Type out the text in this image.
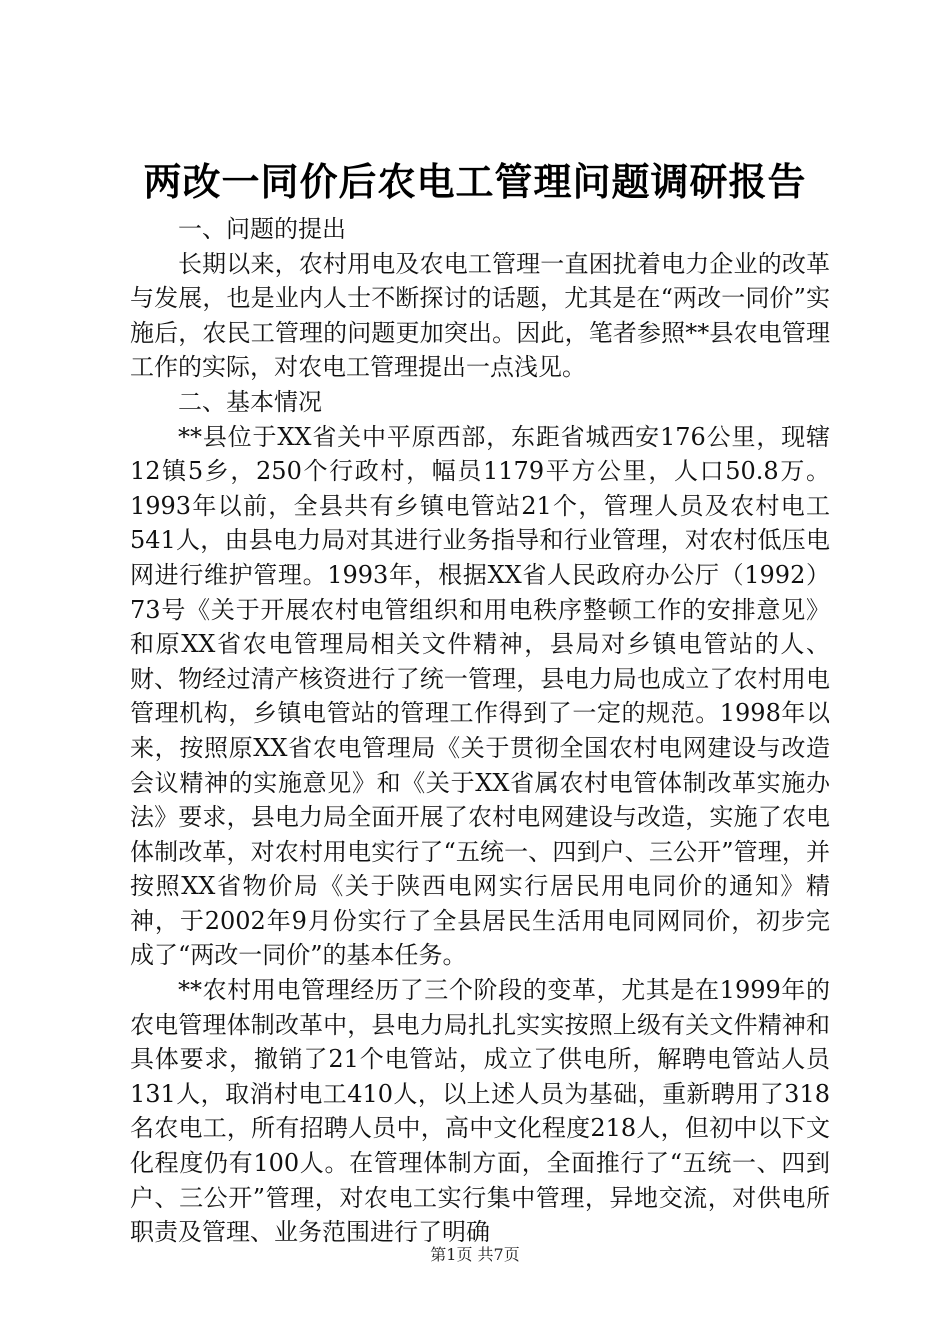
两改一同价后农电工管理问题调研报告

一、问题的提出

长期以来，农村用电及农电工管理一直困扰着电力企业的改革与发展，也是业内人士不断探讨的话题，尤其是在“两改一同价”实施后，农民工管理的问题更加突出。因此，笔者参照**县农电管理工作的实际，对农电工管理提出一点浅见。

二、基本情况

**县位于XX省关中平原西部，东距省城西安176公里，现辖12镇5乡，250个行政村，幅员1179平方公里，人口50.8万。1993年以前，全县共有乡镇电管站21个，管理人员及农村电工541人，由县电力局对其进行业务指导和行业管理，对农村低压电网进行维护管理。1993年，根据XX省人民政府办公厅（1992）73号《关于开展农村电管组织和用电秩序整顿工作的安排意见》和原XX省农电管理局相关文件精神，县局对乡镇电管站的人、财、物经过清产核资进行了统一管理，县电力局也成立了农村用电管理机构，乡镇电管站的管理工作得到了一定的规范。1998年以来，按照原XX省农电管理局《关于贯彻全国农村电网建设与改造会议精神的实施意见》和《关于XX省属农村电管体制改革实施办法》要求，县电力局全面开展了农村电网建设与改造，实施了农电体制改革，对农村用电实行了“五统一、四到户、三公开”管理，并按照XX省物价局《关于陕西电网实行居民用电同价的通知》精神，于2002年9月份实行了全县居民生活用电同网同价，初步完成了“两改一同价”的基本任务。

**农村用电管理经历了三个阶段的变革，尤其是在1999年的农电管理体制改革中，县电力局扎扎实实按照上级有关文件精神和具体要求，撤销了21个电管站，成立了供电所，解聘电管站人员131人，取消村电工410人，以上述人员为基础，重新聘用了318名农电工，所有招聘人员中，高中文化程度218人，但初中以下文化程度仍有100人。在管理体制方面，全面推行了“五统一、四到户、三公开”管理，对农电工实行集中管理，异地交流，对供电所职责及管理、业务范围进行了明确

第1页 共7页
